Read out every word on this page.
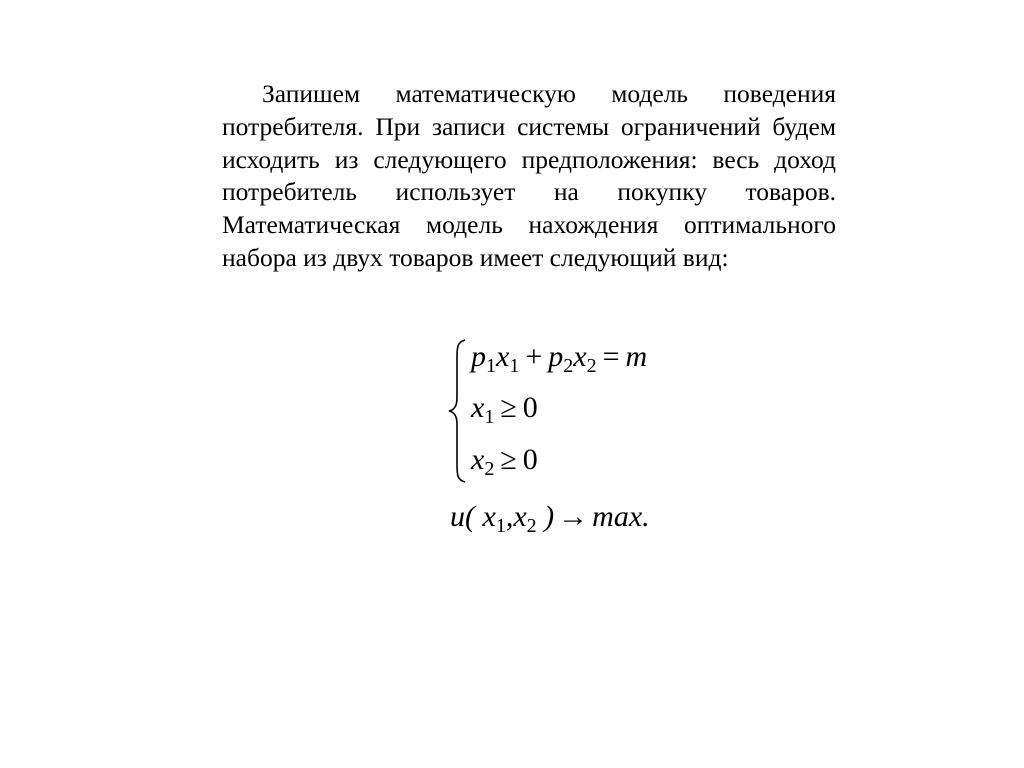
Запишем математическую модель поведения потребителя. При записи системы ограничений будем исходить из следующего предположения: весь доход потребитель использует на покупку товаров. Математическая модель нахождения оптимального набора из двух товаров имеет следующий вид:

$p_1x_1 + p_2x_2 = m$
$x_1 \ge 0$
$x_2 \ge 0$
u( $x_1,x_2$ ) → max.
